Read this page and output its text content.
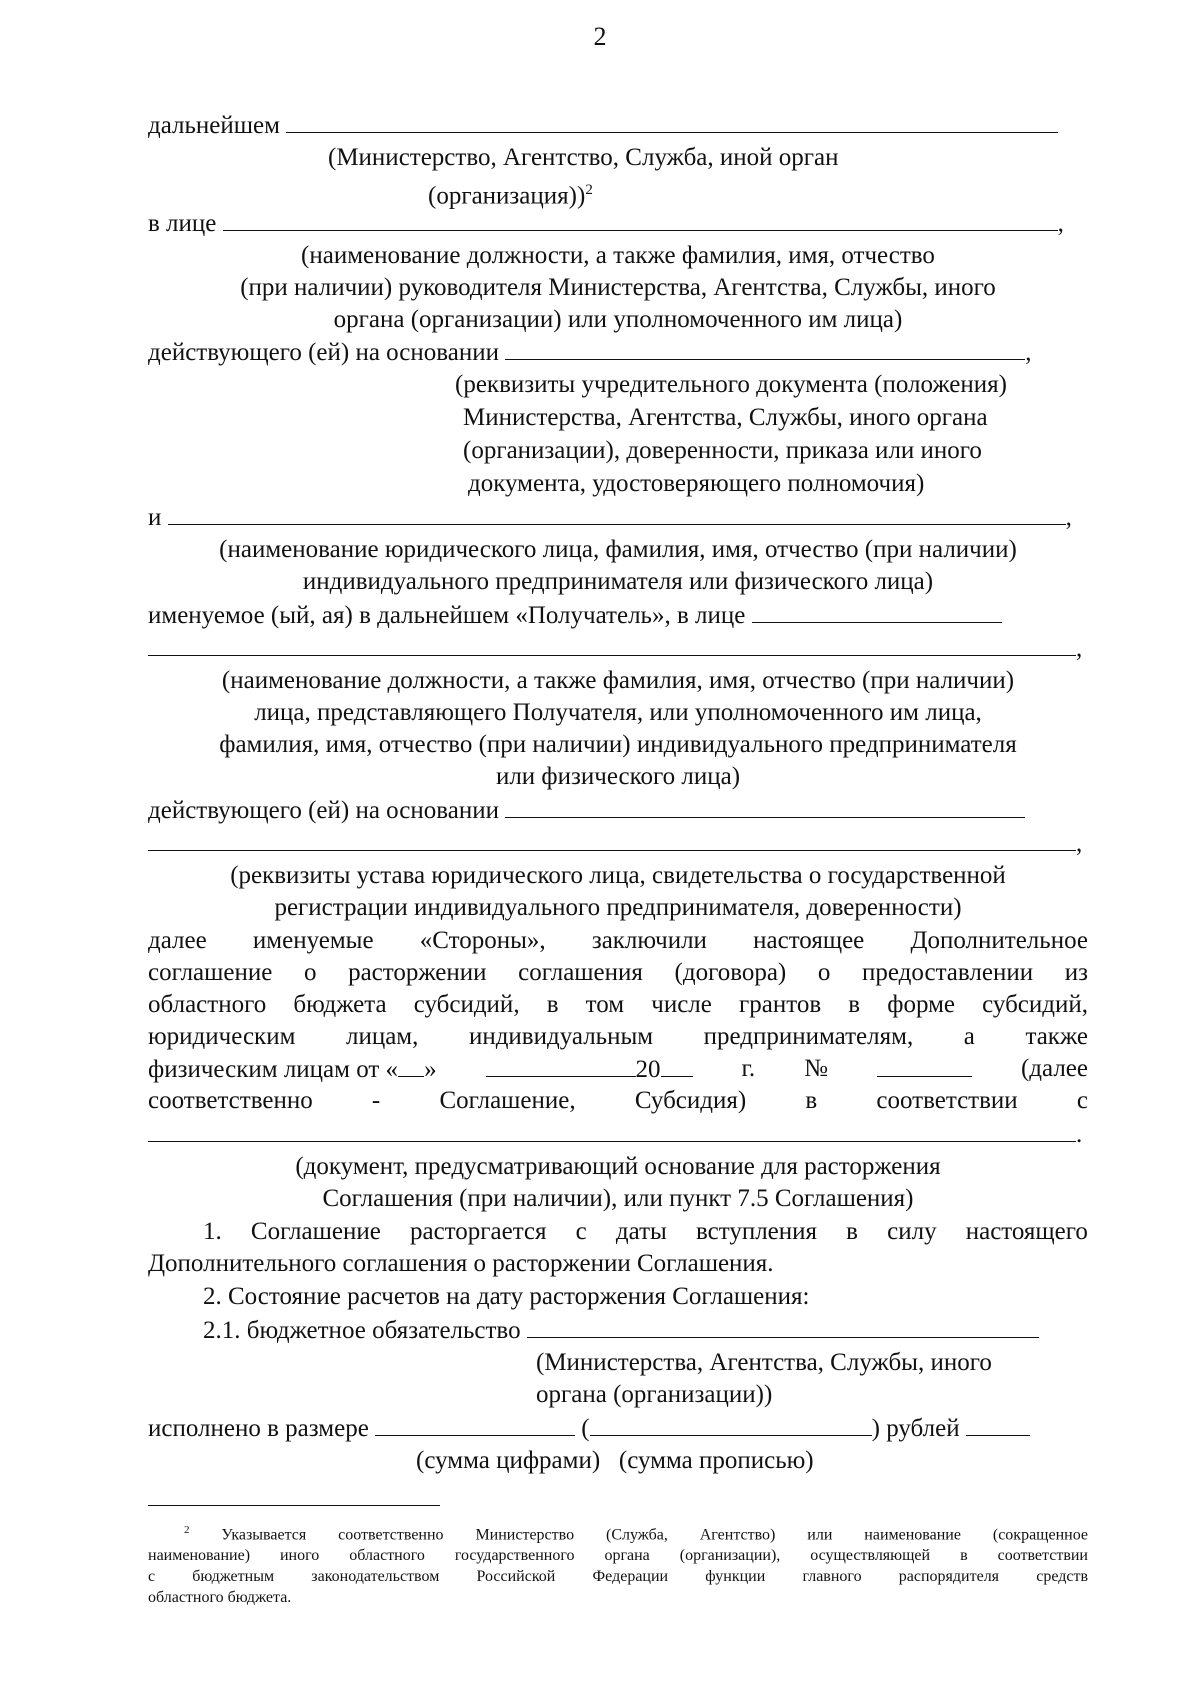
2
дальнейшем
(Министерство, Агентство, Служба, иной орган
(организация))$^2$
в лице	,
(наименование должности, а также фамилия, имя, отчество
(при наличии) руководителя Министерства, Агентства, Службы, иного
органа (организации) или уполномоченного им лица)
действующего (ей) на основании	,
(реквизиты учредительного документа (положения)
Министерства, Агентства, Службы, иного органа
(организации), доверенности, приказа или иного
документа, удостоверяющего полномочия)
и	,
(наименование юридического лица, фамилия, имя, отчество (при наличии)
индивидуального предпринимателя или физического лица)
именуемое (ый, ая) в дальнейшем «Получатель», в лице
,
(наименование должности, а также фамилия, имя, отчество (при наличии)
лица, представляющего Получателя, или уполномоченного им лица,
фамилия, имя, отчество (при наличии) индивидуального предпринимателя
или физического лица)
действующего (ей) на основании
,
(реквизиты устава юридического лица, свидетельства о государственной
регистрации индивидуального предпринимателя, доверенности)
далее именуемые «Стороны», заключили настоящее Дополнительное
соглашение о расторжении соглашения (договора) о предоставлении из
областного бюджета субсидий, в том числе грантов в форме субсидий,
юридическим лицам, индивидуальным предпринимателям, а также
физическим лицам от « »	20	г. №	(далее
соответственно - Соглашение, Субсидия) в соответствии с
.
(документ, предусматривающий основание для расторжения
Соглашения (при наличии), или пункт 7.5 Соглашения)
1. Соглашение расторгается с даты вступления в силу настоящего
Дополнительного соглашения о расторжении Соглашения.
2. Состояние расчетов на дату расторжения Соглашения:
2.1. бюджетное обязательство
(Министерства, Агентства, Службы, иного
органа (организации))
исполнено в размере	(	) рублей
(сумма цифрами)   (сумма прописью)
$^2$ Указывается соответственно Министерство (Служба, Агентство) или наименование (сокращенное
наименование) иного областного государственного органа (организации), осуществляющей в соответствии
с бюджетным законодательством Российской Федерации функции главного распорядителя средств
областного бюджета.
